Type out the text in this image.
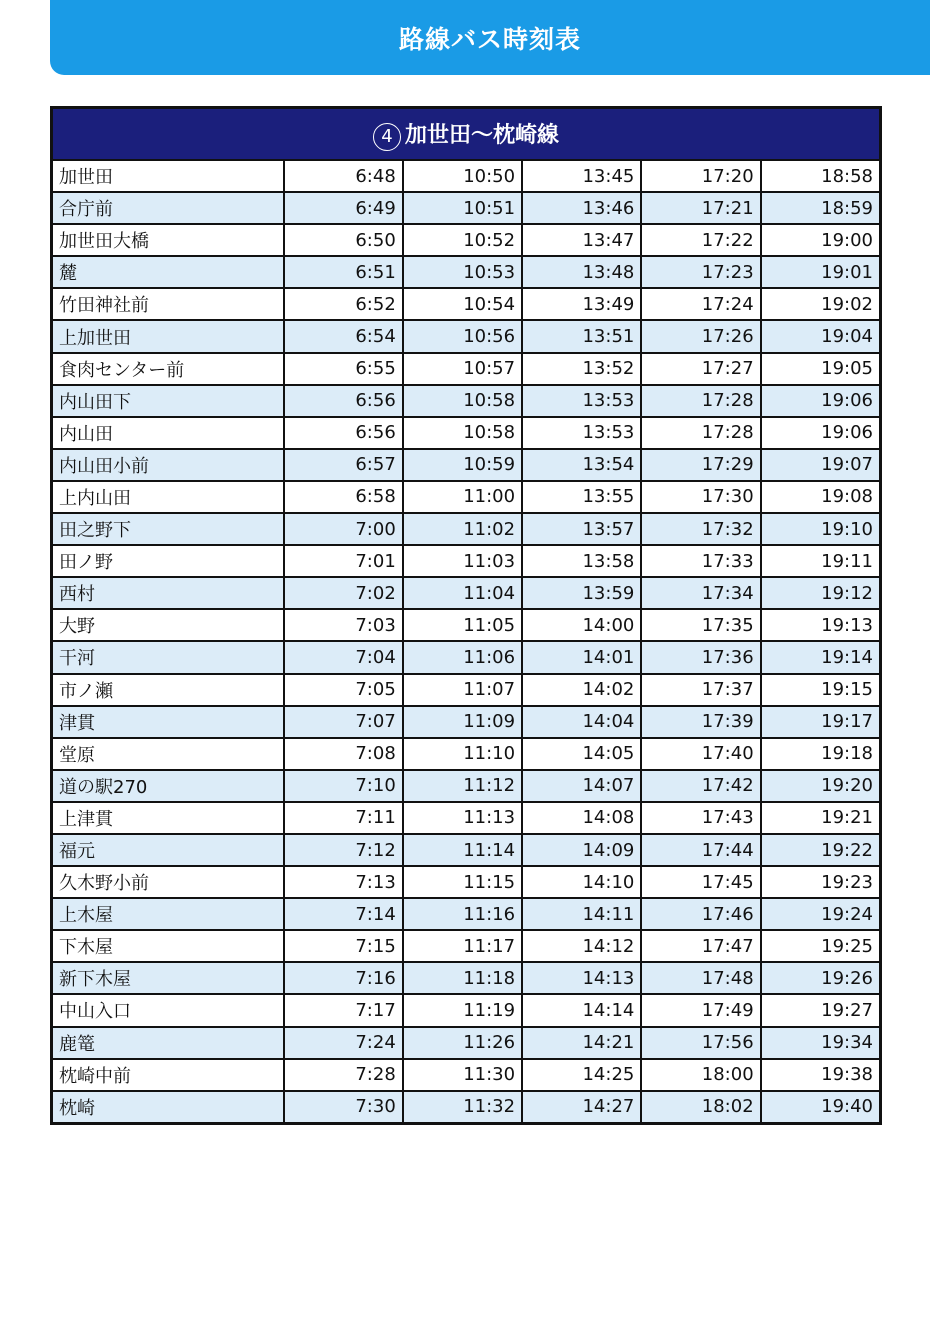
路線バス時刻表
4 加世田〜枕崎線					
加世田	6:48	10:50	13:45	17:20	18:58
合庁前	6:49	10:51	13:46	17:21	18:59
加世田大橋	6:50	10:52	13:47	17:22	19:00
麓	6:51	10:53	13:48	17:23	19:01
竹田神社前	6:52	10:54	13:49	17:24	19:02
上加世田	6:54	10:56	13:51	17:26	19:04
食肉センター前	6:55	10:57	13:52	17:27	19:05
内山田下	6:56	10:58	13:53	17:28	19:06
内山田	6:56	10:58	13:53	17:28	19:06
内山田小前	6:57	10:59	13:54	17:29	19:07
上内山田	6:58	11:00	13:55	17:30	19:08
田之野下	7:00	11:02	13:57	17:32	19:10
田ノ野	7:01	11:03	13:58	17:33	19:11
西村	7:02	11:04	13:59	17:34	19:12
大野	7:03	11:05	14:00	17:35	19:13
干河	7:04	11:06	14:01	17:36	19:14
市ノ瀬	7:05	11:07	14:02	17:37	19:15
津貫	7:07	11:09	14:04	17:39	19:17
堂原	7:08	11:10	14:05	17:40	19:18
道の駅270	7:10	11:12	14:07	17:42	19:20
上津貫	7:11	11:13	14:08	17:43	19:21
福元	7:12	11:14	14:09	17:44	19:22
久木野小前	7:13	11:15	14:10	17:45	19:23
上木屋	7:14	11:16	14:11	17:46	19:24
下木屋	7:15	11:17	14:12	17:47	19:25
新下木屋	7:16	11:18	14:13	17:48	19:26
中山入口	7:17	11:19	14:14	17:49	19:27
鹿篭	7:24	11:26	14:21	17:56	19:34
枕崎中前	7:28	11:30	14:25	18:00	19:38
枕崎	7:30	11:32	14:27	18:02	19:40
